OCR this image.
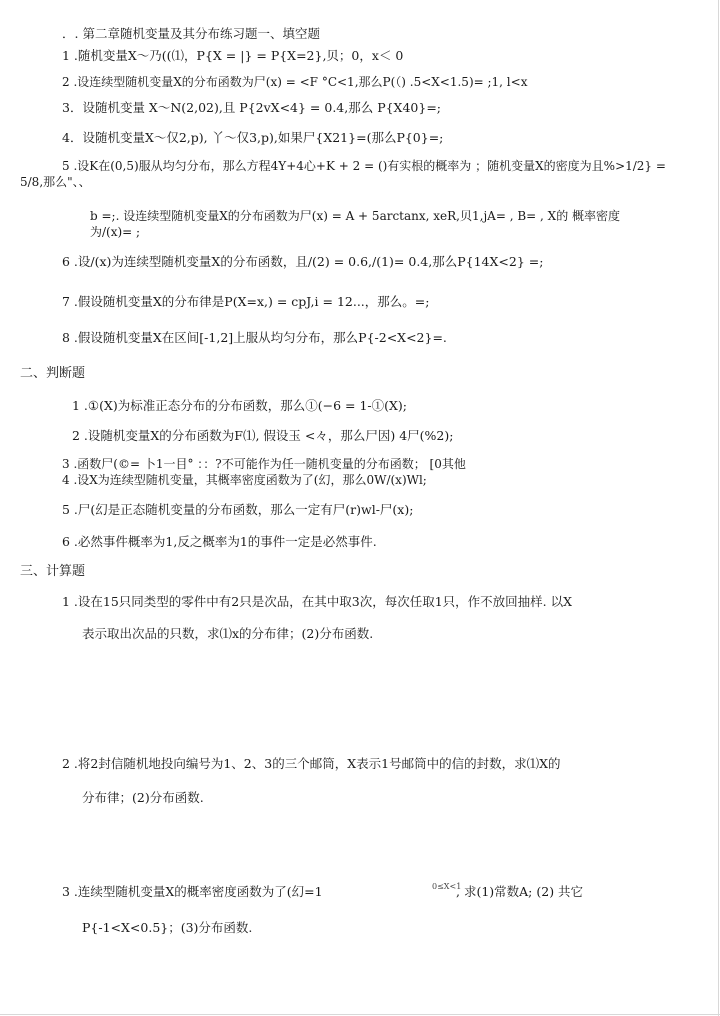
．. 第二章随机变量及其分布练习题一、填空题
1 .随机变量X～乃((⑴，P{X = |} = P{X=2},贝；0，x＜ 0
2 .设连续型随机变量X的分布函数为尸(x) = <F °C<1,那么P(（) .5<X<1.5)= ;1, l<x
3．设随机变量 X～N(2,02),且 P{2vX<4} = 0.4,那么 P{X40}=;
4．设随机变量X～仅2,p), 丫～仅3,p),如果尸{X21}=(那么P{0}=;
5 .设K在(0,5)服从均匀分布，那么方程4Y+4心+K + 2 = ()有实根的概率为 ；随机变量X的密度为且%>1/2} =
5/8,那么"、、
b =;. 设连续型随机变量X的分布函数为尸(x) = A + 5arctanx, xeR,贝1,jA= , B= , X的 概率密度
为/(x)= ;
6 .设/(x)为连续型随机变量X的分布函数，且/(2) = 0.6,/(1)= 0.4,那么P{14X<2} =;
7 .假设随机变量X的分布律是P(X=x,) = cpJ,i = 12...，那么。=;
8 .假设随机变量X在区间[-1,2]上服从均匀分布，那么P{-2<X<2}=.
二、判断题
1 .①(X)为标准正态分布的分布函数，那么①(−6 = 1-①(X);
2 .设随机变量X的分布函数为F⑴, 假设玉 <々，那么尸因) 4尸(%2);
3 .函数尸(©= 卜1一目° ：：?不可能作为任一随机变量的分布函数； [0其他
4 .设X为连续型随机变量，其概率密度函数为了(幻，那么0W/(x)Wl;
5 .尸(幻是正态随机变量的分布函数，那么一定有尸(r)wl-尸(x);
6 .必然事件概率为1,反之概率为1的事件一定是必然事件.
三、计算题
1 .设在15只同类型的零件中有2只是次品，在其中取3次，每次任取1只，作不放回抽样. 以X
表示取出次品的只数，求⑴x的分布律；(2)分布函数.
2 .将2封信随机地投向编号为1、2、3的三个邮筒，X表示1号邮筒中的信的封数，求⑴X的
分布律；(2)分布函数.
3 .连续型随机变量X的概率密度函数为了(幻=1	0≤X<1
, 求(1)常数A; (2) 共它
P{-1<X<0.5}；(3)分布函数.
